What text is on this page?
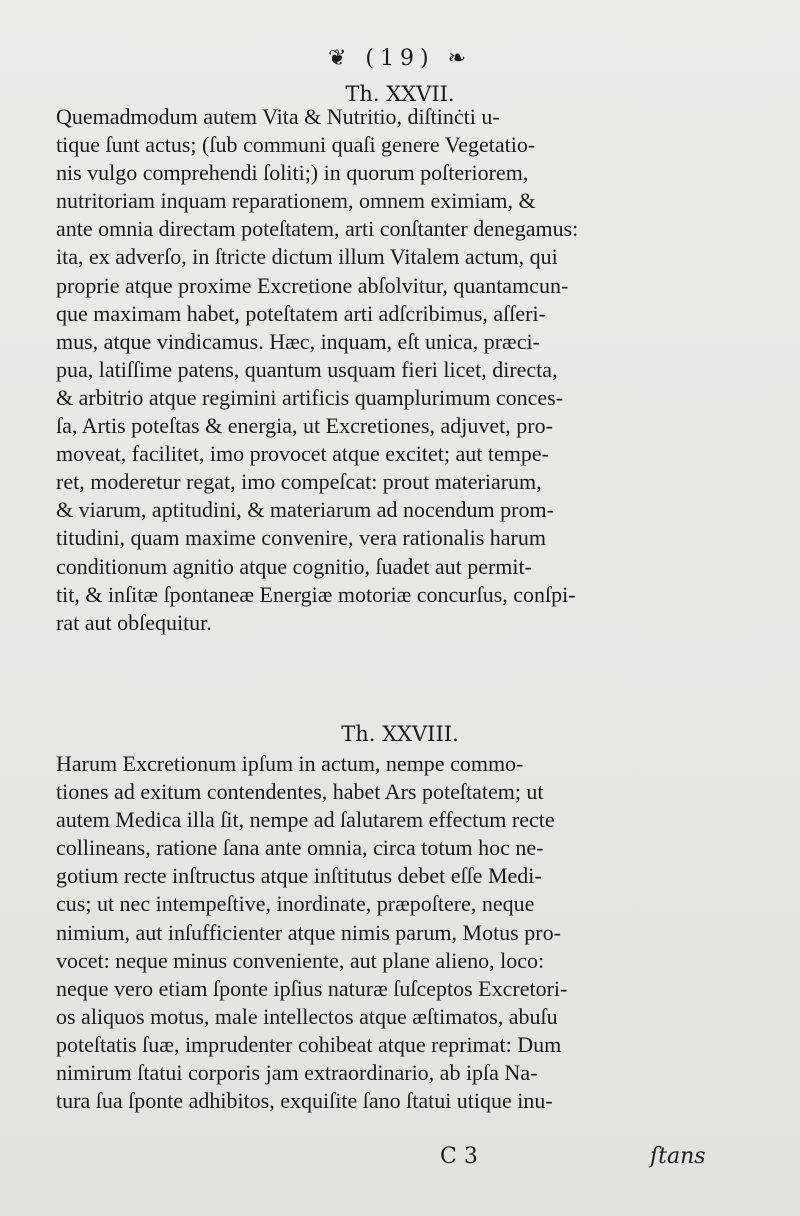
❦ (19) ❧
Th. XXVII.

Quemadmodum autem Vita & Nutritio, diſtinċti u-
tique ſunt actus; (ſub communi quaſi genere Vegetatio-
nis vulgo comprehendi ſoliti;) in quorum poſteriorem,
nutritoriam inquam reparationem, omnem eximiam, &
ante omnia directam poteſtatem, arti conſtanter denegamus:
ita, ex adverſo, in ſtricte dictum illum Vitalem actum, qui
proprie atque proxime Excretione abſolvitur, quantamcun-
que maximam habet, poteſtatem arti adſcribimus, aſſeri-
mus, atque vindicamus. Hæc, inquam, eſt unica, præci-
pua, latiſſime patens, quantum usquam fieri licet, directa,
& arbitrio atque regimini artificis quamplurimum conces-
ſa, Artis poteſtas & energia, ut Excretiones, adjuvet, pro-
moveat, facilitet, imo provocet atque excitet; aut tempe-
ret, moderetur regat, imo compeſcat: prout materiarum,
& viarum, aptitudini, & materiarum ad nocendum prom-
titudini, quam maxime convenire, vera rationalis harum
conditionum agnitio atque cognitio, ſuadet aut permit-
tit, & inſitæ ſpontaneæ Energiæ motoriæ concurſus, conſpi-
rat aut obſequitur.

Th. XXVIII.

Harum Excretionum ipſum in actum, nempe commo-
tiones ad exitum contendentes, habet Ars poteſtatem; ut
autem Medica illa ſit, nempe ad ſalutarem effectum recte
collineans, ratione ſana ante omnia, circa totum hoc ne-
gotium recte inſtructus atque inſtitutus debet eſſe Medi-
cus; ut nec intempeſtive, inordinate, præpoſtere, neque
nimium, aut inſufficienter atque nimis parum, Motus pro-
vocet: neque minus conveniente, aut plane alieno, loco:
neque vero etiam ſponte ipſius naturæ ſuſceptos Excretori-
os aliquos motus, male intellectos atque æſtimatos, abuſu
poteſtatis ſuæ, imprudenter cohibeat atque reprimat: Dum
nimirum ſtatui corporis jam extraordinario, ab ipſa Na-
tura ſua ſponte adhibitos, exquiſite ſano ſtatui utique inu-

C 3	ſtans
